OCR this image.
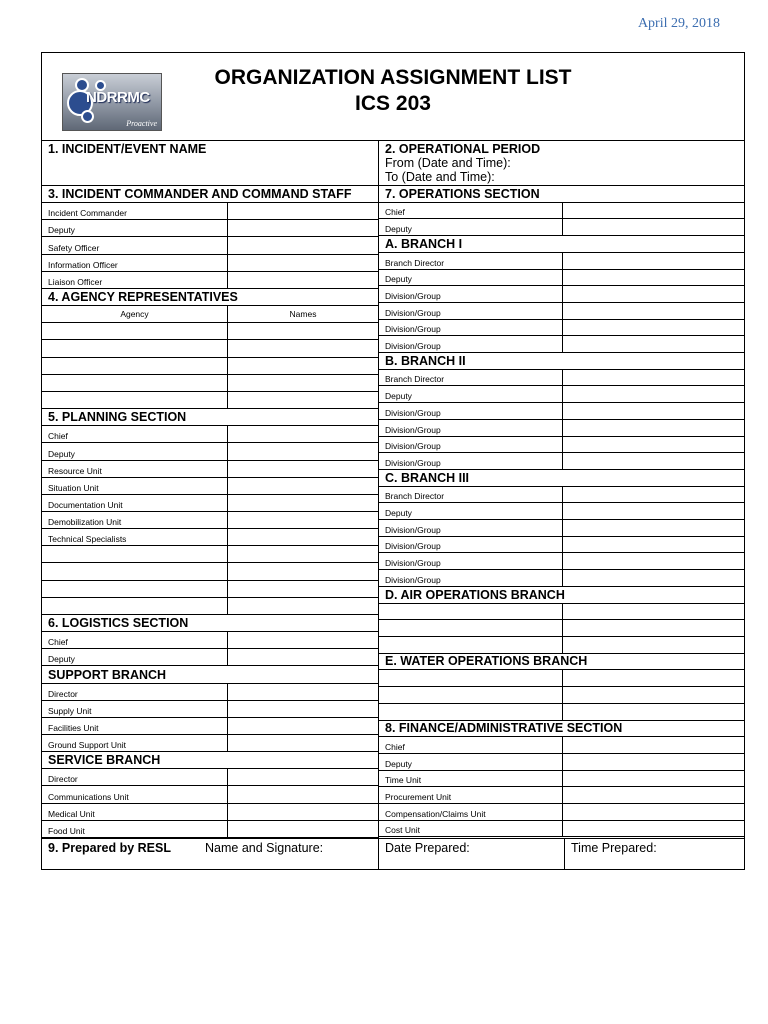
April 29, 2018
NDRRMC
Proactive
ORGANIZATION ASSIGNMENT LIST
ICS 203
1. INCIDENT/EVENT NAME	2. OPERATIONAL PERIOD
From (Date and Time):
To (Date and Time):
3. INCIDENT COMMANDER AND COMMAND STAFF
Incident Commander
Deputy
Safety Officer
Information Officer
Liaison Officer
4. AGENCY REPRESENTATIVES
Agency	Names
5. PLANNING SECTION
Chief
Deputy
Resource Unit
Situation Unit
Documentation Unit
Demobilization Unit
Technical Specialists
6. LOGISTICS SECTION
Chief
Deputy
SUPPORT BRANCH
Director
Supply Unit
Facilities Unit
Ground Support Unit
SERVICE BRANCH
Director
Communications Unit
Medical Unit
Food Unit
7. OPERATIONS SECTION
Chief
Deputy
A. BRANCH I
Branch Director
Deputy
Division/Group
Division/Group
Division/Group
Division/Group
B. BRANCH II
Branch Director
Deputy
Division/Group
Division/Group
Division/Group
Division/Group
C. BRANCH III
Branch Director
Deputy
Division/Group
Division/Group
Division/Group
Division/Group
D. AIR OPERATIONS BRANCH
E. WATER OPERATIONS BRANCH
8. FINANCE/ADMINISTRATIVE SECTION
Chief
Deputy
Time Unit
Procurement Unit
Compensation/Claims Unit
Cost Unit
9. Prepared by RESL	Name and Signature:	Date Prepared:	Time Prepared:
